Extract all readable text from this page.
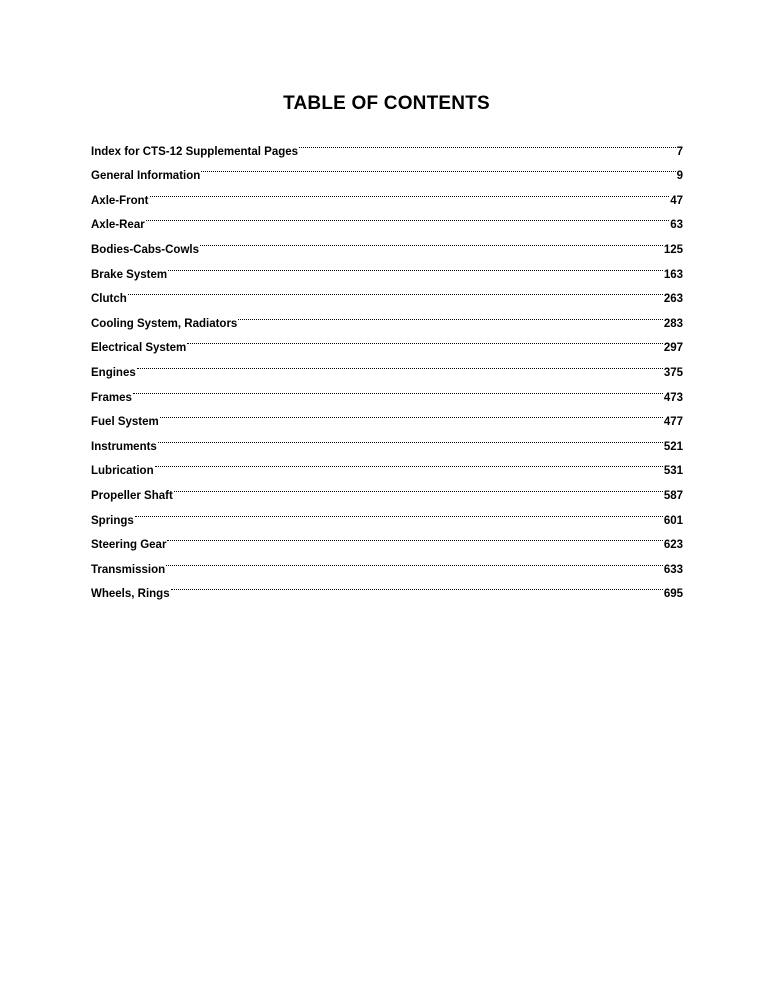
TABLE OF CONTENTS
Index for CTS-12 Supplemental Pages	7
General Information	9
Axle-Front	47
Axle-Rear	63
Bodies-Cabs-Cowls	125
Brake System	163
Clutch	263
Cooling System, Radiators	283
Electrical System	297
Engines	375
Frames	473
Fuel System	477
Instruments	521
Lubrication	531
Propeller Shaft	587
Springs	601
Steering Gear	623
Transmission	633
Wheels, Rings	695
